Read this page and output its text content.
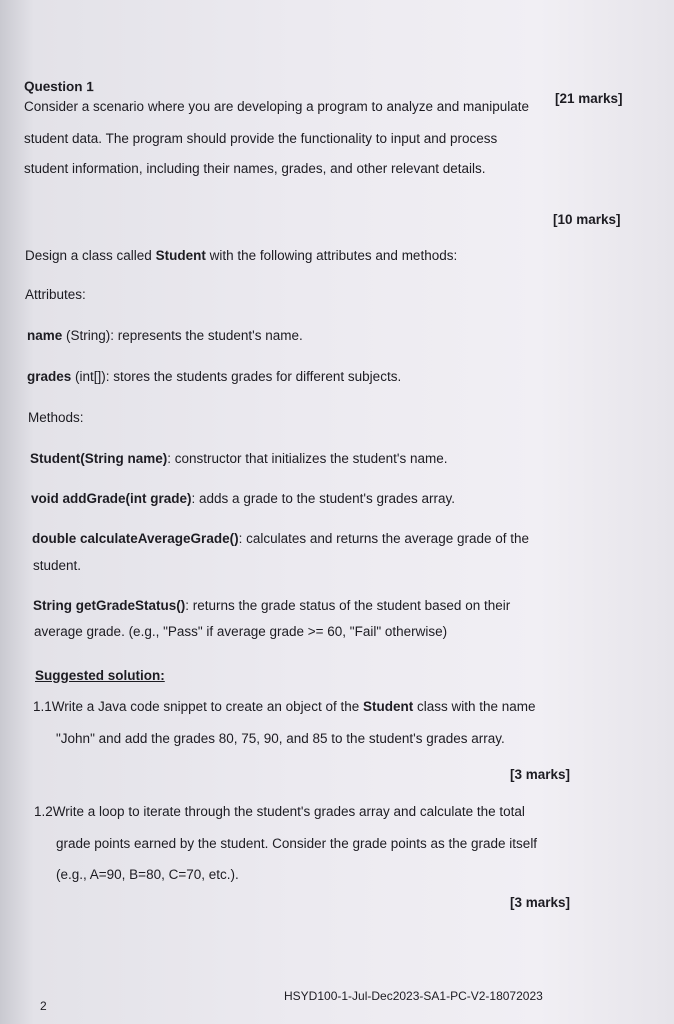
Question 1
[21 marks]
Consider a scenario where you are developing a program to analyze and manipulate
student data. The program should provide the functionality to input and process
student information, including their names, grades, and other relevant details.
[10 marks]
Design a class called Student with the following attributes and methods:
Attributes:
name (String): represents the student's name.
grades (int[]): stores the students grades for different subjects.
Methods:
Student(String name): constructor that initializes the student's name.
void addGrade(int grade): adds a grade to the student's grades array.
double calculateAverageGrade(): calculates and returns the average grade of the
student.
String getGradeStatus(): returns the grade status of the student based on their
average grade. (e.g., "Pass" if average grade >= 60, "Fail" otherwise)
Suggested solution:
1.1Write a Java code snippet to create an object of the Student class with the name
"John" and add the grades 80, 75, 90, and 85 to the student's grades array.
[3 marks]
1.2Write a loop to iterate through the student's grades array and calculate the total
grade points earned by the student. Consider the grade points as the grade itself
(e.g., A=90, B=80, C=70, etc.).
[3 marks]
2
HSYD100-1-Jul-Dec2023-SA1-PC-V2-18072023
